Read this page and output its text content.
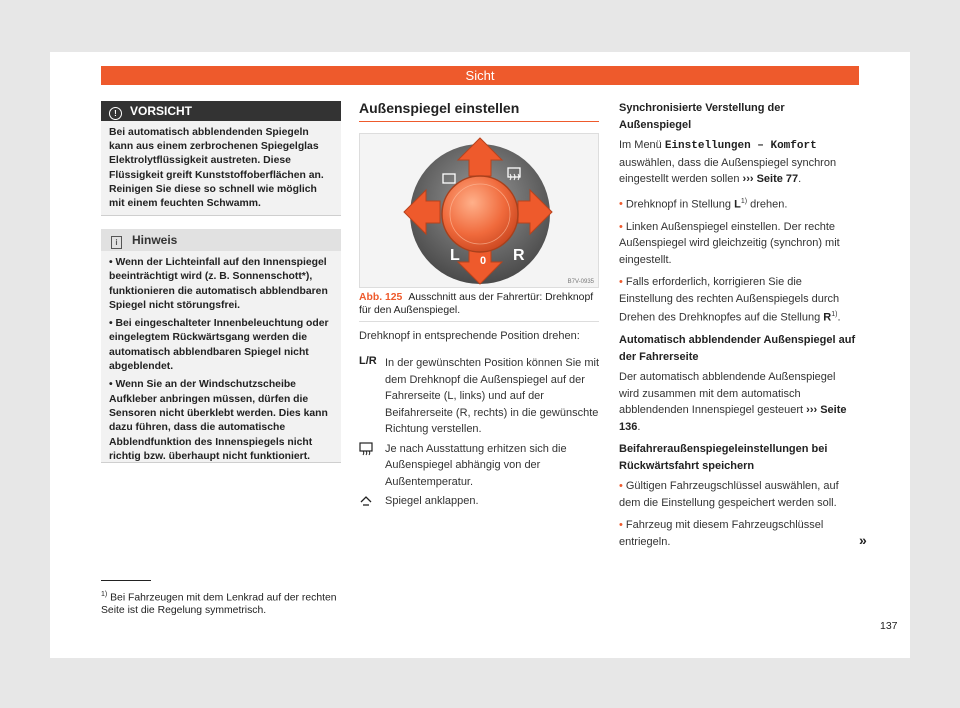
Sicht
! VORSICHT
Bei automatisch abblendenden Spiegeln kann aus einem zerbrochenen Spiegelglas Elektrolytflüssigkeit austreten. Diese Flüssigkeit greift Kunststoffoberflächen an. Reinigen Sie diese so schnell wie möglich mit einem feuchten Schwamm.
i Hinweis
• Wenn der Lichteinfall auf den Innenspiegel beeinträchtigt wird (z. B. Sonnenschott*), funktionieren die automatisch abblendbaren Spiegel nicht störungsfrei.
• Bei eingeschalteter Innenbeleuchtung oder eingelegtem Rückwärtsgang werden die automatisch abblendbaren Spiegel nicht abgeblendet.
• Wenn Sie an der Windschutzscheibe Aufkleber anbringen müssen, dürfen die Sensoren nicht überklebt werden. Dies kann dazu führen, dass die automatische Abblendfunktion des Innenspiegels nicht richtig bzw. überhaupt nicht funktioniert.
$^{1)}$ Bei Fahrzeugen mit dem Lenkrad auf der rechten Seite ist die Regelung symmetrisch.
Außenspiegel einstellen
L 0 R
B7V-0935
Abb. 125 Ausschnitt aus der Fahrertür: Drehknopf für den Außenspiegel.
Drehknopf in entsprechende Position drehen:
L/R In der gewünschten Position können Sie mit dem Drehknopf die Außenspiegel auf der Fahrerseite (L, links) und auf der Beifahrerseite (R, rechts) in die gewünschte Richtung verstellen.
Je nach Ausstattung erhitzen sich die Außenspiegel abhängig von der Außentemperatur.
Spiegel anklappen.
Synchronisierte Verstellung der Außenspiegel
Im Menü Einstellungen – Komfort auswählen, dass die Außenspiegel synchron eingestellt werden sollen ››› Seite 77.
• Drehknopf in Stellung $L^{1)}$ drehen.
• Linken Außenspiegel einstellen. Der rechte Außenspiegel wird gleichzeitig (synchron) mit eingestellt.
• Falls erforderlich, korrigieren Sie die Einstellung des rechten Außenspiegels durch Drehen des Drehknopfes auf die Stellung $R^{1)}$.
Automatisch abblendender Außenspiegel auf der Fahrerseite
Der automatisch abblendende Außenspiegel wird zusammen mit dem automatisch abblendenden Innenspiegel gesteuert ››› Seite 136.
Beifahreraußenspiegeleinstellungen bei Rückwärtsfahrt speichern
• Gültigen Fahrzeugschlüssel auswählen, auf dem die Einstellung gespeichert werden soll.
• Fahrzeug mit diesem Fahrzeugschlüssel entriegeln.	»
137
